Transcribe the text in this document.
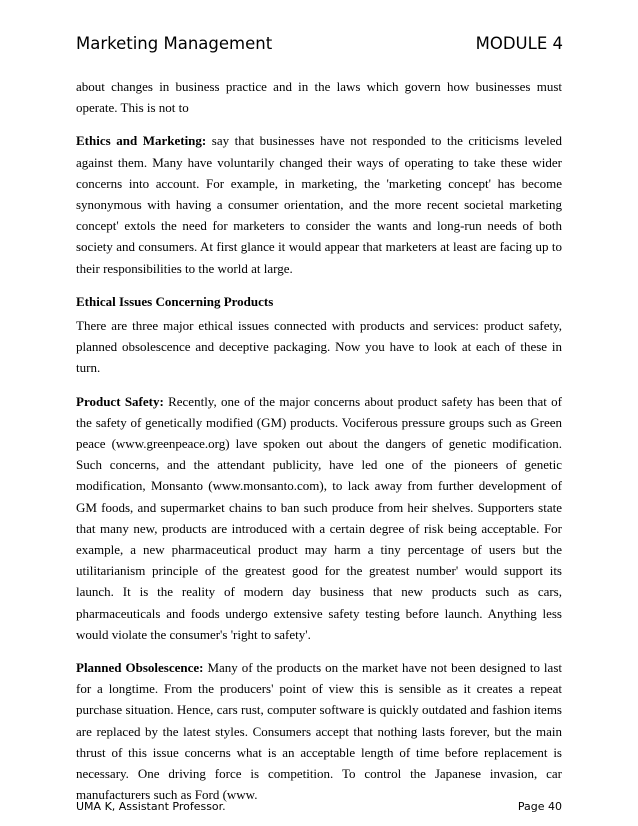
Marketing Management	MODULE 4

about changes in business practice and in the laws which govern how businesses must operate. This is not to

Ethics and Marketing: say that businesses have not responded to the criticisms leveled against them. Many have voluntarily changed their ways of operating to take these wider concerns into account. For example, in marketing, the 'marketing concept' has become synonymous with having a consumer orientation, and the more recent societal marketing concept' extols the need for marketers to consider the wants and long-run needs of both society and consumers. At first glance it would appear that marketers at least are facing up to their responsibilities to the world at large.

Ethical Issues Concerning Products

There are three major ethical issues connected with products and services: product safety, planned obsolescence and deceptive packaging. Now you have to look at each of these in turn.

Product Safety: Recently, one of the major concerns about product safety has been that of the safety of genetically modified (GM) products. Vociferous pressure groups such as Green peace (www.greenpeace.org) lave spoken out about the dangers of genetic modification. Such concerns, and the attendant publicity, have led one of the pioneers of genetic modification, Monsanto (www.monsanto.com), to lack away from further development of GM foods, and supermarket chains to ban such produce from heir shelves. Supporters state that many new, products are introduced with a certain degree of risk being acceptable. For example, a new pharmaceutical product may harm a tiny percentage of users but the utilitarianism principle of the greatest good for the greatest number' would support its launch. It is the reality of modern day business that new products such as cars, pharmaceuticals and foods undergo extensive safety testing before launch. Anything less would violate the consumer's 'right to safety'.

Planned Obsolescence: Many of the products on the market have not been designed to last for a longtime. From the producers' point of view this is sensible as it creates a repeat purchase situation. Hence, cars rust, computer software is quickly outdated and fashion items are replaced by the latest styles. Consumers accept that nothing lasts forever, but the main thrust of this issue concerns what is an acceptable length of time before replacement is necessary. One driving force is competition. To control the Japanese invasion, car manufacturers such as Ford (www.

UMA K, Assistant Professor.	Page 40
